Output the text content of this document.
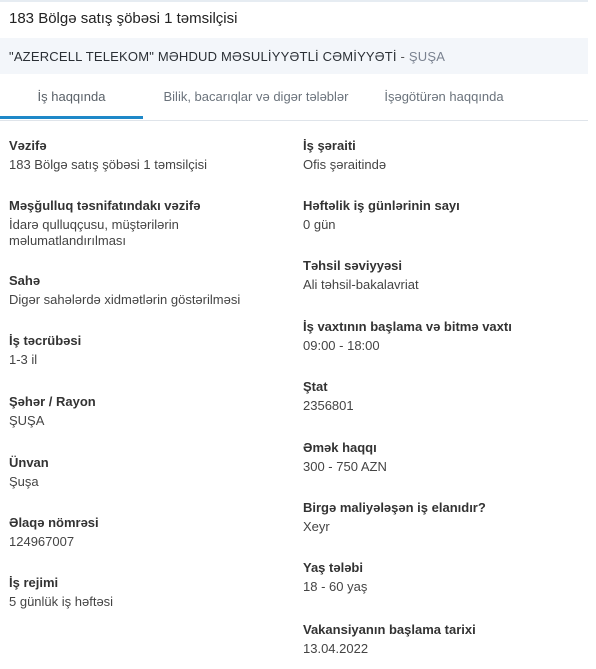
183 Bölgə satış şöbəsi 1 təmsilçisi
"AZERCELL TELEKOM" MƏHDUD MƏSULİYYƏTLİ CƏMİYYƏTİ - ŞUŞA
İş haqqında	Bilik, bacarıqlar və digər tələblər	İşəgötürən haqqında
Vəzifə
183 Bölgə satış şöbəsi 1 təmsilçisi
Məşğulluq təsnifatındakı vəzifə
İdarə qulluqçusu, müştərilərin məlumatlandırılması
Sahə
Digər sahələrdə xidmətlərin göstərilməsi
İş təcrübəsi
1-3 il
Şəhər / Rayon
ŞUŞA
Ünvan
Şuşa
Əlaqə nömrəsi
124967007
İş rejimi
5 günlük iş həftəsi
İş şəraiti
Ofis şəraitində
Həftəlik iş günlərinin sayı
0 gün
Təhsil səviyyəsi
Ali təhsil-bakalavriat
İş vaxtının başlama və bitmə vaxtı
09:00 - 18:00
Ştat
2356801
Əmək haqqı
300 - 750 AZN
Birgə maliyələşən iş elanıdır?
Xeyr
Yaş tələbi
18 - 60 yaş
Vakansiyanın başlama tarixi
13.04.2022
